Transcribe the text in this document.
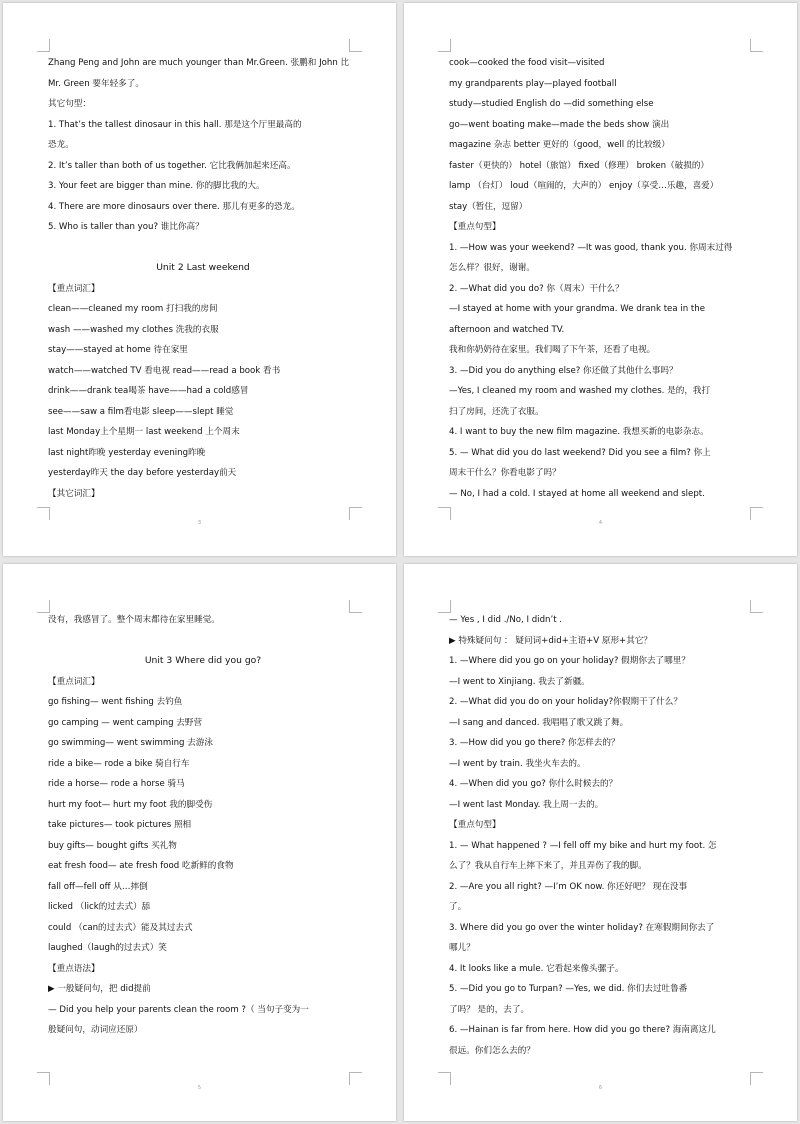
Zhang Peng and John are much younger than Mr.Green. 张鹏和 John 比
Mr. Green 要年轻多了。
其它句型：
1. That’s the tallest dinosaur in this hall. 那是这个厅里最高的
恐龙。
2. It’s taller than both of us together. 它比我俩加起来还高。
3. Your feet are bigger than mine. 你的脚比我的大。
4. There are more dinosaurs over there. 那儿有更多的恐龙。
5. Who is taller than you? 谁比你高？
Unit 2 Last weekend
【重点词汇】
clean——cleaned my room 打扫我的房间
wash ——washed my clothes 洗我的衣服
stay——stayed at home 待在家里
watch——watched TV 看电视 read——read a book 看书
drink——drank tea喝茶 have——had a cold感冒
see——saw a film看电影 sleep——slept 睡觉
last Monday上个星期一 last weekend 上个周末
last night昨晚 yesterday evening昨晚
yesterday昨天 the day before yesterday前天
【其它词汇】
3
cook—cooked the food visit—visited
my grandparents play—played football
study—studied English do —did something else
go—went boating make—made the beds show 演出
magazine 杂志 better 更好的（good，well 的比较级）
faster（更快的） hotel（旅馆） fixed（修理） broken（破损的）
lamp （台灯） loud（喧闹的，大声的） enjoy（享受…乐趣，喜爱）
stay（暂住，逗留）
【重点句型】
1. —How was your weekend? —It was good, thank you. 你周末过得
怎么样？很好，谢谢。
2. —What did you do? 你（周末）干什么？
—I stayed at home with your grandma. We drank tea in the
afternoon and watched TV.
我和你奶奶待在家里。我们喝了下午茶，还看了电视。
3. —Did you do anything else? 你还做了其他什么事吗？
—Yes, I cleaned my room and washed my clothes. 是的，我打
扫了房间，还洗了衣服。
4. I want to buy the new film magazine. 我想买新的电影杂志。
5. — What did you do last weekend? Did you see a film? 你上
周末干什么？你看电影了吗？
— No, I had a cold. I stayed at home all weekend and slept.
4
没有，我感冒了。整个周末都待在家里睡觉。
Unit 3 Where did you go?
【重点词汇】
go fishing— went fishing 去钓鱼
go camping — went camping 去野营
go swimming— went swimming 去游泳
ride a bike— rode a bike 骑自行车
ride a horse— rode a horse 骑马
hurt my foot— hurt my foot 我的脚受伤
take pictures— took pictures 照相
buy gifts— bought gifts 买礼物
eat fresh food— ate fresh food 吃新鲜的食物
fall off—fell off 从…摔倒
licked （lick的过去式）舔
could （can的过去式）能及其过去式
laughed（laugh的过去式）笑
【重点语法】
▶ 一般疑问句，把 did提前
— Did you help your parents clean the room ?（ 当句子变为一
般疑问句，动词应还原）
5
— Yes , I did ./No, I didn’t .
▶ 特殊疑问句 ： 疑问词+did+主语+V 原形+其它？
1. —Where did you go on your holiday? 假期你去了哪里？
—I went to Xinjiang. 我去了新疆。
2. —What did you do on your holiday?你假期干了什么？
—I sang and danced. 我唱唱了歌又跳了舞。
3. —How did you go there? 你怎样去的？
—I went by train. 我坐火车去的。
4. —When did you go? 你什么时候去的？
—I went last Monday. 我上周一去的。
【重点句型】
1. — What happened ? —I fell off my bike and hurt my foot. 怎
么了？我从自行车上摔下来了，并且弄伤了我的脚。
2. —Are you all right? —I’m OK now. 你还好吧？ 现在没事
了。
3. Where did you go over the winter holiday? 在寒假期间你去了
哪儿？
4. It looks like a mule. 它看起来像头骡子。
5. —Did you go to Turpan? —Yes, we did. 你们去过吐鲁番
了吗？ 是的，去了。
6. —Hainan is far from here. How did you go there? 海南离这儿
很远。你们怎么去的？
6
